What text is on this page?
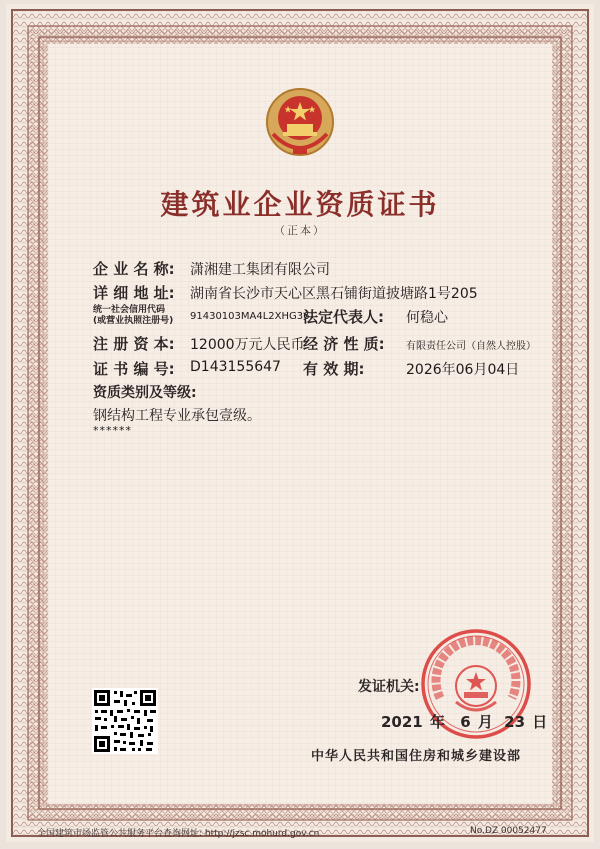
建筑业企业资质证书
（正本）
企 业 名 称: 潇湘建工集团有限公司
详 细 地 址: 湖南省长沙市天心区黑石铺街道披塘路1号205
统一社会信用代码
(或营业执照注册号) 91430103MA4L2XHG36
法定代表人: 何稳心
注 册 资 本: 12000万元人民币
经 济 性 质: 有限责任公司（自然人控股）
证 书 编 号: D143155647 有 效 期:	2026年06月04日
资质类别及等级:
钢结构工程专业承包壹级。
******
发证机关:
2021 年 6 月 23 日
中华人民共和国住房和城乡建设部
全国建筑市场监管公共服务平台查询网址: http://jzsc.mohurd.gov.cn	No.DZ 00052477
